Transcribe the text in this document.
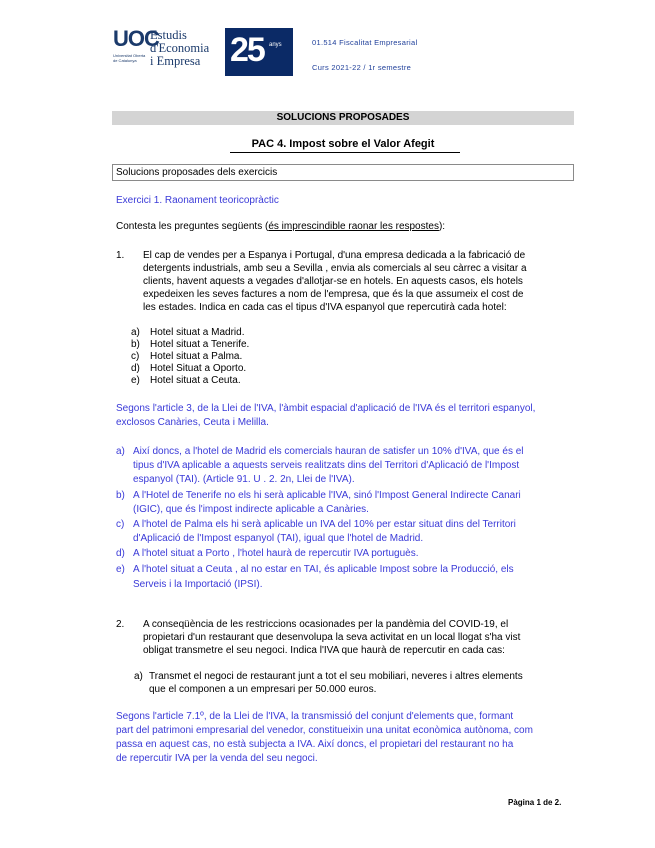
UOC
Universitat Oberta de Catalunya
Estudis
d'Economia
i Empresa 25 anys	01.514 Fiscalitat Empresarial
Curs 2021-22 / 1r semestre
SOLUCIONS PROPOSADES
PAC 4. Impost sobre el Valor Afegit
Solucions proposades dels exercicis
Exercici 1. Raonament teoricopràctic
Contesta les preguntes següents (és imprescindible raonar les respostes):
1. El cap de vendes per a Espanya i Portugal, d'una empresa dedicada a la fabricació de
detergents industrials, amb seu a Sevilla , envia als comercials al seu càrrec a visitar a
clients, havent aquests a vegades d'allotjar-se en hotels. En aquests casos, els hotels
expedeixen les seves factures a nom de l'empresa, que és la que assumeix el cost de
les estades. Indica en cada cas el tipus d'IVA espanyol que repercutirà cada hotel:
a) Hotel situat a Madrid.
b) Hotel situat a Tenerife.
c) Hotel situat a Palma.
d) Hotel Situat a Oporto.
e) Hotel situat a Ceuta.
Segons l'article 3, de la Llei de l'IVA, l'àmbit espacial d'aplicació de l'IVA és el territori espanyol,
exclosos Canàries, Ceuta i Melilla.
a) Així doncs, a l'hotel de Madrid els comercials hauran de satisfer un 10% d'IVA, que és el
tipus d'IVA aplicable a aquests serveis realitzats dins del Territori d'Aplicació de l'Impost
espanyol (TAI). (Article 91. U . 2. 2n, Llei de l'IVA).
b) A l'Hotel de Tenerife no els hi serà aplicable l'IVA, sinó l'Impost General Indirecte Canari
(IGIC), que és l'impost indirecte aplicable a Canàries.
c) A l'hotel de Palma els hi serà aplicable un IVA del 10% per estar situat dins del Territori
d'Aplicació de l'Impost espanyol (TAI), igual que l'hotel de Madrid.
d) A l'hotel situat a Porto , l'hotel haurà de repercutir IVA portuguès.
e) A l'hotel situat a Ceuta , al no estar en TAI, és aplicable Impost sobre la Producció, els
Serveis i la Importació (IPSI).
2. A conseqüència de les restriccions ocasionades per la pandèmia del COVID-19, el
propietari d'un restaurant que desenvolupa la seva activitat en un local llogat s'ha vist
obligat transmetre el seu negoci. Indica l'IVA que haurà de repercutir en cada cas:
a) Transmet el negoci de restaurant junt a tot el seu mobiliari, neveres i altres elements
que el componen a un empresari per 50.000 euros.
Segons l'article 7.1º, de la Llei de l'IVA, la transmissió del conjunt d'elements que, formant
part del patrimoni empresarial del venedor, constitueixin una unitat econòmica autònoma, com
passa en aquest cas, no està subjecta a IVA. Així doncs, el propietari del restaurant no ha
de repercutir IVA per la venda del seu negoci.
Pàgina 1 de 2.
